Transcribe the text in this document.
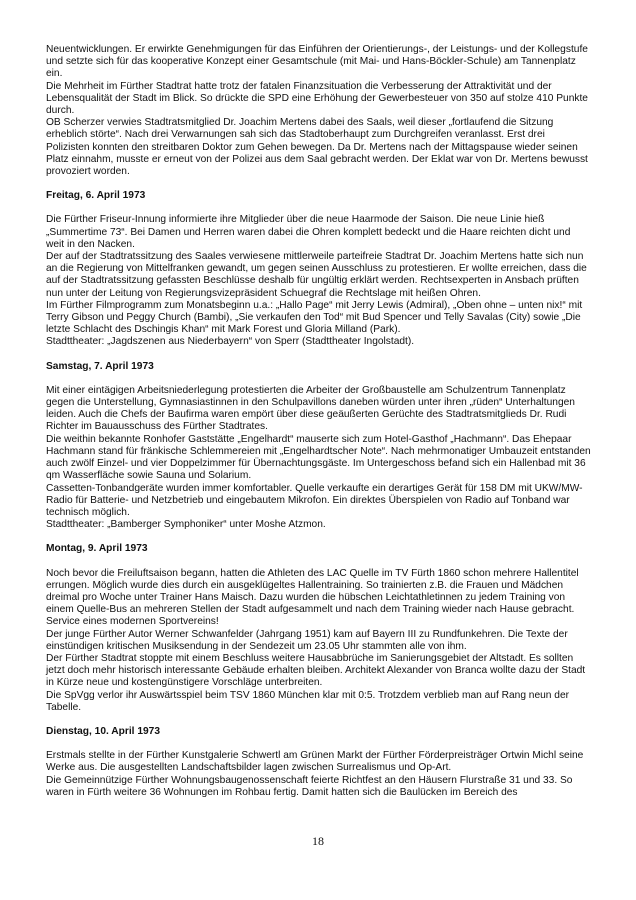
Neuentwicklungen. Er erwirkte Genehmigungen für das Einführen der Orientierungs-, der Leistungs- und der Kollegstufe und setzte sich für das kooperative Konzept einer Gesamtschule (mit Mai- und Hans-Böckler-Schule) am Tannenplatz ein.

Die Mehrheit im Fürther Stadtrat hatte trotz der fatalen Finanzsituation die Verbesserung der Attraktivität und der Lebensqualität der Stadt im Blick. So drückte die SPD eine Erhöhung der Gewerbesteuer von 350 auf stolze 410 Punkte durch.

OB Scherzer verwies Stadtratsmitglied Dr. Joachim Mertens dabei des Saals, weil dieser „fortlaufend die Sitzung erheblich störte“. Nach drei Verwarnungen sah sich das Stadtoberhaupt zum Durchgreifen veranlasst. Erst drei Polizisten konnten den streitbaren Doktor zum Gehen bewegen. Da Dr. Mertens nach der Mittagspause wieder seinen Platz einnahm, musste er erneut von der Polizei aus dem Saal gebracht werden. Der Eklat war von Dr. Mertens bewusst provoziert worden.

Freitag, 6. April 1973

Die Fürther Friseur-Innung informierte ihre Mitglieder über die neue Haarmode der Saison. Die neue Linie hieß „Summertime 73“. Bei Damen und Herren waren dabei die Ohren komplett bedeckt und die Haare reichten dicht und weit in den Nacken.

Der auf der Stadtratssitzung des Saales verwiesene mittlerweile parteifreie Stadtrat Dr. Joachim Mertens hatte sich nun an die Regierung von Mittelfranken gewandt, um gegen seinen Ausschluss zu protestieren. Er wollte erreichen, dass die auf der Stadtratssitzung gefassten Beschlüsse deshalb für ungültig erklärt werden. Rechtsexperten in Ansbach prüften nun unter der Leitung von Regierungsvizepräsident Schuegraf die Rechtslage mit heißen Ohren.

Im Fürther Filmprogramm zum Monatsbeginn u.a.: „Hallo Page“ mit Jerry Lewis (Admiral), „Oben ohne – unten nix!“ mit Terry Gibson und Peggy Church (Bambi), „Sie verkaufen den Tod“ mit Bud Spencer und Telly Savalas (City) sowie „Die letzte Schlacht des Dschingis Khan“ mit Mark Forest und Gloria Milland (Park).

Stadttheater: „Jagdszenen aus Niederbayern“ von Sperr (Stadttheater Ingolstadt).

Samstag, 7. April 1973

Mit einer eintägigen Arbeitsniederlegung protestierten die Arbeiter der Großbaustelle am Schulzentrum Tannenplatz gegen die Unterstellung, Gymnasiastinnen in den Schulpavillons daneben würden unter ihren „rüden“ Unterhaltungen leiden. Auch die Chefs der Baufirma waren empört über diese geäußerten Gerüchte des Stadtratsmitglieds Dr. Rudi Richter im Bauausschuss des Fürther Stadtrates.

Die weithin bekannte Ronhofer Gaststätte „Engelhardt“ mauserte sich zum Hotel-Gasthof „Hachmann“. Das Ehepaar Hachmann stand für fränkische Schlemmereien mit „Engelhardtscher Note“. Nach mehrmonatiger Umbauzeit entstanden auch zwölf Einzel- und vier Doppelzimmer für Übernachtungsgäste. Im Untergeschoss befand sich ein Hallenbad mit 36 qm Wasserfläche sowie Sauna und Solarium.

Cassetten-Tonbandgeräte wurden immer komfortabler. Quelle verkaufte ein derartiges Gerät für 158 DM mit UKW/MW-Radio für Batterie- und Netzbetrieb und eingebautem Mikrofon. Ein direktes Überspielen von Radio auf Tonband war technisch möglich.

Stadttheater: „Bamberger Symphoniker“ unter Moshe Atzmon.

Montag, 9. April 1973

Noch bevor die Freiluftsaison begann, hatten die Athleten des LAC Quelle im TV Fürth 1860 schon mehrere Hallentitel errungen. Möglich wurde dies durch ein ausgeklügeltes Hallentraining. So trainierten z.B. die Frauen und Mädchen dreimal pro Woche unter Trainer Hans Maisch. Dazu wurden die hübschen Leichtathletinnen zu jedem Training von einem Quelle-Bus an mehreren Stellen der Stadt aufgesammelt und nach dem Training wieder nach Hause gebracht. Service eines modernen Sportvereins!

Der junge Fürther Autor Werner Schwanfelder (Jahrgang 1951) kam auf Bayern III zu Rundfunkehren. Die Texte der einstündigen kritischen Musiksendung in der Sendezeit um 23.05 Uhr stammten alle von ihm.

Der Fürther Stadtrat stoppte mit einem Beschluss weitere Hausabbrüche im Sanierungsgebiet der Altstadt. Es sollten jetzt doch mehr historisch interessante Gebäude erhalten bleiben. Architekt Alexander von Branca wollte dazu der Stadt in Kürze neue und kostengünstigere Vorschläge unterbreiten.

Die SpVgg verlor ihr Auswärtsspiel beim TSV 1860 München klar mit 0:5. Trotzdem verblieb man auf Rang neun der Tabelle.

Dienstag, 10. April 1973

Erstmals stellte in der Fürther Kunstgalerie Schwertl am Grünen Markt der Fürther Förderpreisträger Ortwin Michl seine Werke aus. Die ausgestellten Landschaftsbilder lagen zwischen Surrealismus und Op-Art.

Die Gemeinnützige Fürther Wohnungsbaugenossenschaft feierte Richtfest an den Häusern Flurstraße 31 und 33. So waren in Fürth weitere 36 Wohnungen im Rohbau fertig. Damit hatten sich die Baulücken im Bereich des

18
